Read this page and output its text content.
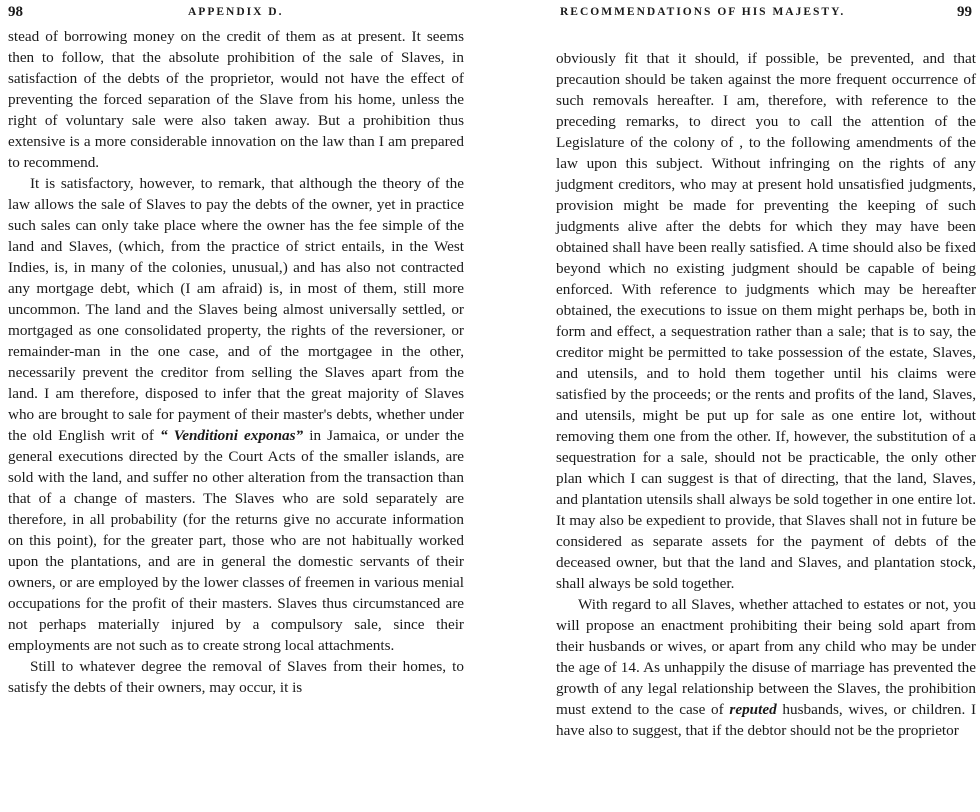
98	APPENDIX D.

stead of borrowing money on the credit of them as at present. It seems then to follow, that the absolute prohibition of the sale of Slaves, in satisfaction of the debts of the proprietor, would not have the effect of preventing the forced separation of the Slave from his home, unless the right of voluntary sale were also taken away. But a prohibition thus extensive is a more considerable innovation on the law than I am prepared to recommend.

It is satisfactory, however, to remark, that although the theory of the law allows the sale of Slaves to pay the debts of the owner, yet in practice such sales can only take place where the owner has the fee simple of the land and Slaves, (which, from the practice of strict entails, in the West Indies, is, in many of the colonies, unusual,) and has also not contracted any mortgage debt, which (I am afraid) is, in most of them, still more uncommon. The land and the Slaves being almost universally settled, or mortgaged as one consolidated property, the rights of the reversioner, or remainder-man in the one case, and of the mortgagee in the other, necessarily prevent the creditor from selling the Slaves apart from the land. I am therefore, disposed to infer that the great majority of Slaves who are brought to sale for payment of their master's debts, whether under the old English writ of “ Venditioni exponas” in Jamaica, or under the general executions directed by the Court Acts of the smaller islands, are sold with the land, and suffer no other alteration from the transaction than that of a change of masters. The Slaves who are sold separately are therefore, in all probability (for the returns give no accurate information on this point), for the greater part, those who are not habitually worked upon the plantations, and are in general the domestic servants of their owners, or are employed by the lower classes of freemen in various menial occupations for the profit of their masters. Slaves thus circumstanced are not perhaps materially injured by a compulsory sale, since their employments are not such as to create strong local attachments.

Still to whatever degree the removal of Slaves from their homes, to satisfy the debts of their owners, may occur, it is

RECOMMENDATIONS OF HIS MAJESTY.	99

obviously fit that it should, if possible, be prevented, and that precaution should be taken against the more frequent occurrence of such removals hereafter. I am, therefore, with reference to the preceding remarks, to direct you to call the attention of the Legislature of the colony of , to the following amendments of the law upon this subject. Without infringing on the rights of any judgment creditors, who may at present hold unsatisfied judgments, provision might be made for preventing the keeping of such judgments alive after the debts for which they may have been obtained shall have been really satisfied. A time should also be fixed beyond which no existing judgment should be capable of being enforced. With reference to judgments which may be hereafter obtained, the executions to issue on them might perhaps be, both in form and effect, a sequestration rather than a sale; that is to say, the creditor might be permitted to take possession of the estate, Slaves, and utensils, and to hold them together until his claims were satisfied by the proceeds; or the rents and profits of the land, Slaves, and utensils, might be put up for sale as one entire lot, without removing them one from the other. If, however, the substitution of a sequestration for a sale, should not be practicable, the only other plan which I can suggest is that of directing, that the land, Slaves, and plantation utensils shall always be sold together in one entire lot. It may also be expedient to provide, that Slaves shall not in future be considered as separate assets for the payment of debts of the deceased owner, but that the land and Slaves, and plantation stock, shall always be sold together.

With regard to all Slaves, whether attached to estates or not, you will propose an enactment prohibiting their being sold apart from their husbands or wives, or apart from any child who may be under the age of 14. As unhappily the disuse of marriage has prevented the growth of any legal relationship between the Slaves, the prohibition must extend to the case of reputed husbands, wives, or children. I have also to suggest, that if the debtor should not be the proprietor
